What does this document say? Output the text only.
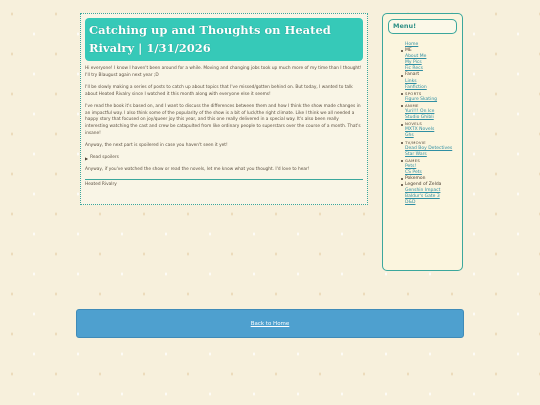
Catching up and Thoughts on Heated Rivalry | 1/31/2026

Hi everyone! I know I haven't been around for a while. Moving and changing jobs took up much more of my time than I thought! I'll try Blaugust again next year ;D

I'll be slowly making a series of posts to catch up about topics that I've missed/gotten behind on. But today, I wanted to talk about Heated Rivalry since I watched it this month along with everyone else it seems!

I've read the book it's based on, and I want to discuss the differences between them and how I think the show made changes in an impactful way. I also think some of the popularity of the show is a bit of luck/the right climate. Like I think we all needed a happy story that focused on joy/queer joy this year, and this one really delivered in a special way. It's also been really interesting watching the cast and crew be catapulted from like ordinary people to superstars over the course of a month. That's insane!

Anyway, the next part is spoilered in case you haven't seen it yet!

▶ Read spoilers

Anyway, if you've watched the show or read the novels, let me know what you thought. I'd love to hear!

Heated Rivalry
Menu!
Home
ME
About Me
My Pics
Fic Recs
Fanart
Links
Fanfiction
SPORTS
Figure Skating
ANIME
Yuri!!! On Ice
Studio Ghibli
NOVELS
MXTX Novels
Ghs
TV/MOVIE
Dead Boy Detectives
Star Wars
GAMES
Pets!
CS Pets
Pokemon
Legend of Zelda
Genshin Impact
Baldur's Gate 3
D&D
Back to Home
